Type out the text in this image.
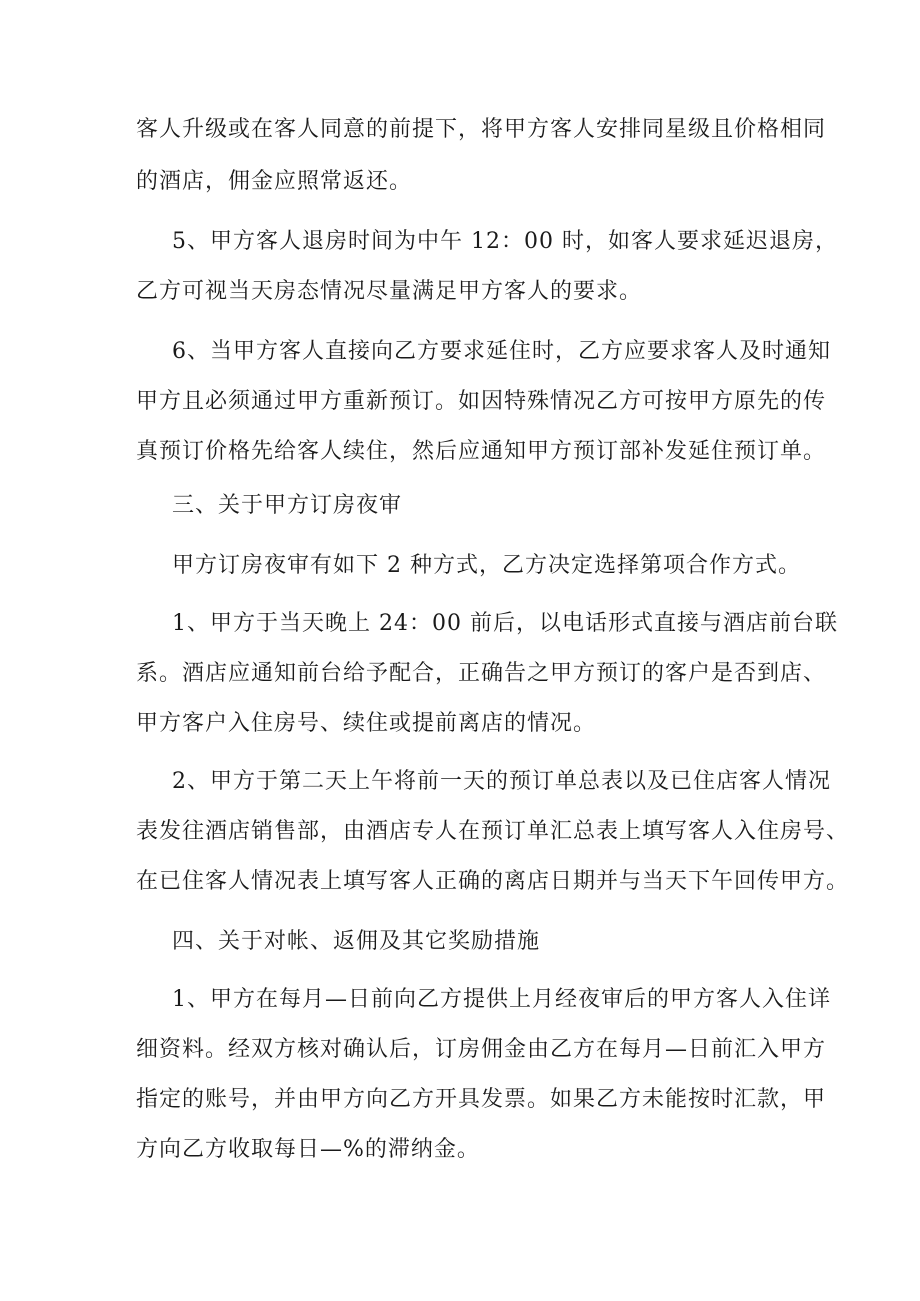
客人升级或在客人同意的前提下，将甲方客人安排同星级且价格相同
的酒店，佣金应照常返还。
5、甲方客人退房时间为中午 12：00 时，如客人要求延迟退房，
乙方可视当天房态情况尽量满足甲方客人的要求。
6、当甲方客人直接向乙方要求延住时，乙方应要求客人及时通知
甲方且必须通过甲方重新预订。如因特殊情况乙方可按甲方原先的传
真预订价格先给客人续住，然后应通知甲方预订部补发延住预订单。
三、关于甲方订房夜审
甲方订房夜审有如下 2 种方式，乙方决定选择第项合作方式。
1、甲方于当天晚上 24：00 前后，以电话形式直接与酒店前台联
系。酒店应通知前台给予配合，正确告之甲方预订的客户是否到店、
甲方客户入住房号、续住或提前离店的情况。
2、甲方于第二天上午将前一天的预订单总表以及已住店客人情况
表发往酒店销售部，由酒店专人在预订单汇总表上填写客人入住房号、
在已住客人情况表上填写客人正确的离店日期并与当天下午回传甲方。
四、关于对帐、返佣及其它奖励措施
1、甲方在每月—日前向乙方提供上月经夜审后的甲方客人入住详
细资料。经双方核对确认后，订房佣金由乙方在每月—日前汇入甲方
指定的账号，并由甲方向乙方开具发票。如果乙方未能按时汇款，甲
方向乙方收取每日—%的滞纳金。
